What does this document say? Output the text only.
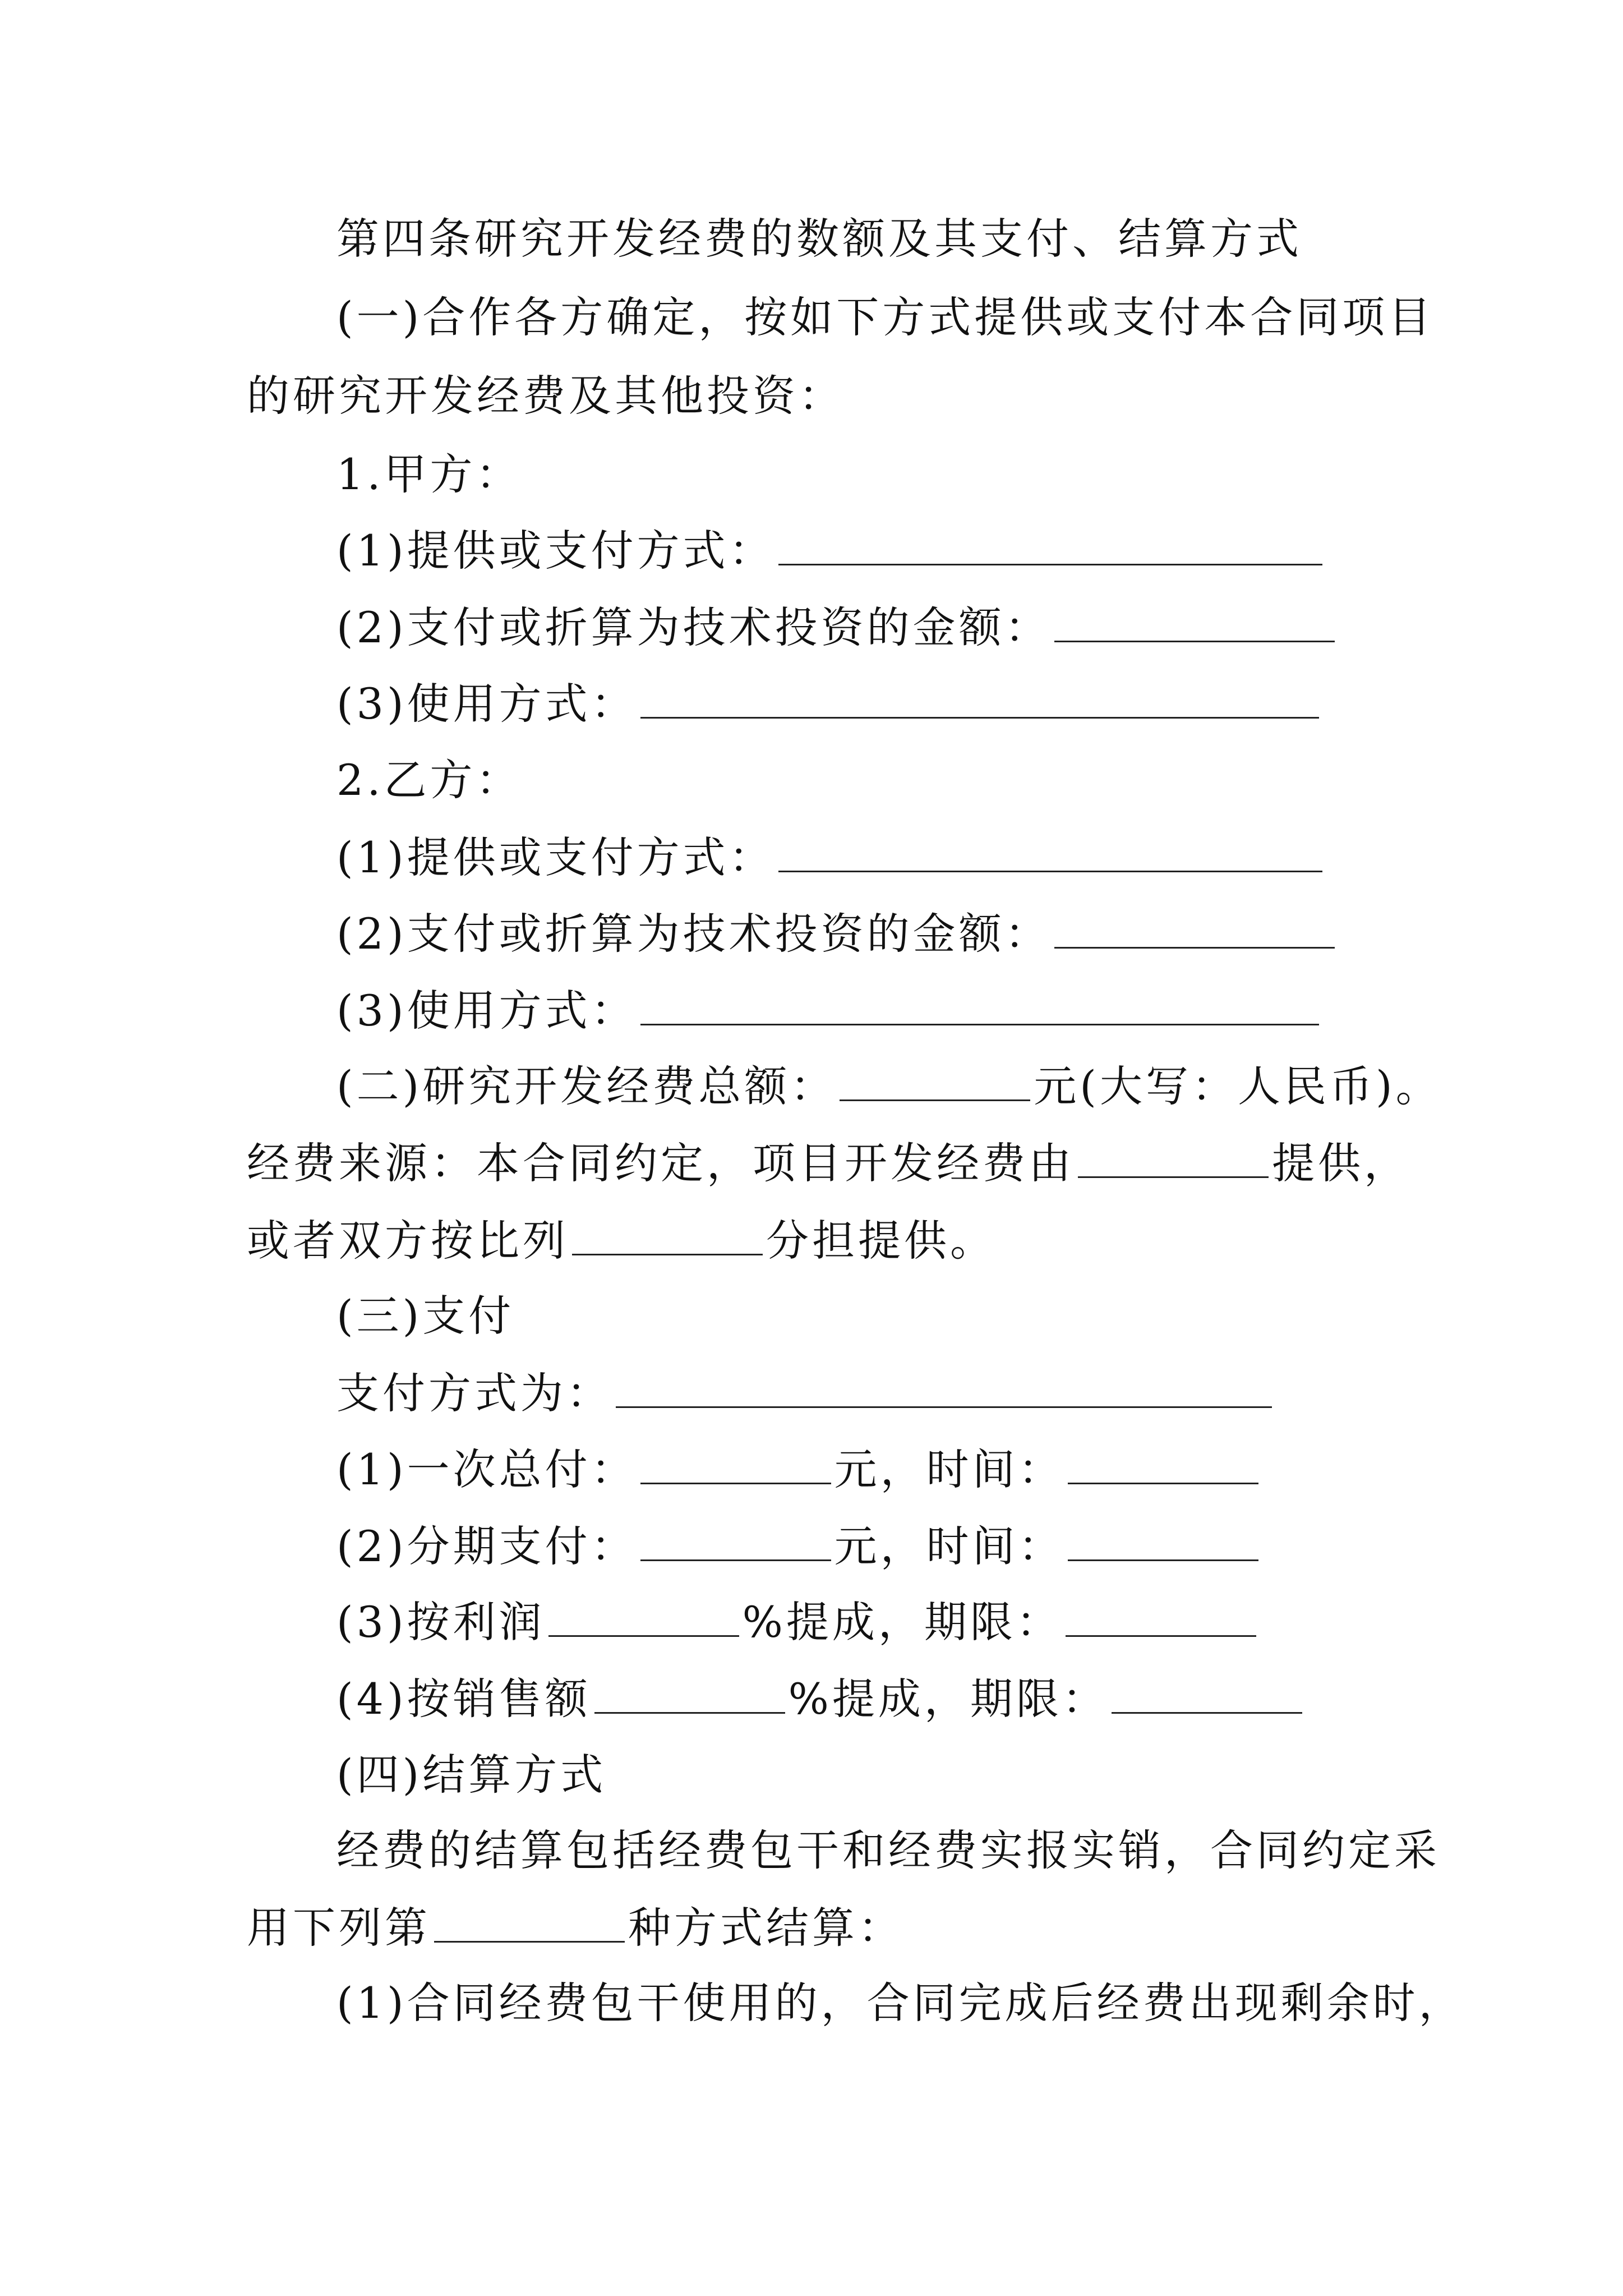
第四条研究开发经费的数额及其支付、结算方式
(一)合作各方确定，按如下方式提供或支付本合同项目
的研究开发经费及其他投资：
1.甲方：
(1)提供或支付方式：
(2)支付或折算为技术投资的金额：
(3)使用方式：
2.乙方：
(1)提供或支付方式：
(2)支付或折算为技术投资的金额：
(3)使用方式：
(二)研究开发经费总额：	元(大写：人民币)。
经费来源：本合同约定，项目开发经费由	提供，
或者双方按比列	分担提供。
(三)支付
支付方式为：
(1)一次总付：	元，时间：
(2)分期支付：	元，时间：
(3)按利润	%提成，期限：
(4)按销售额	%提成，期限：
(四)结算方式
经费的结算包括经费包干和经费实报实销，合同约定采
用下列第	种方式结算：
(1)合同经费包干使用的，合同完成后经费出现剩余时，
